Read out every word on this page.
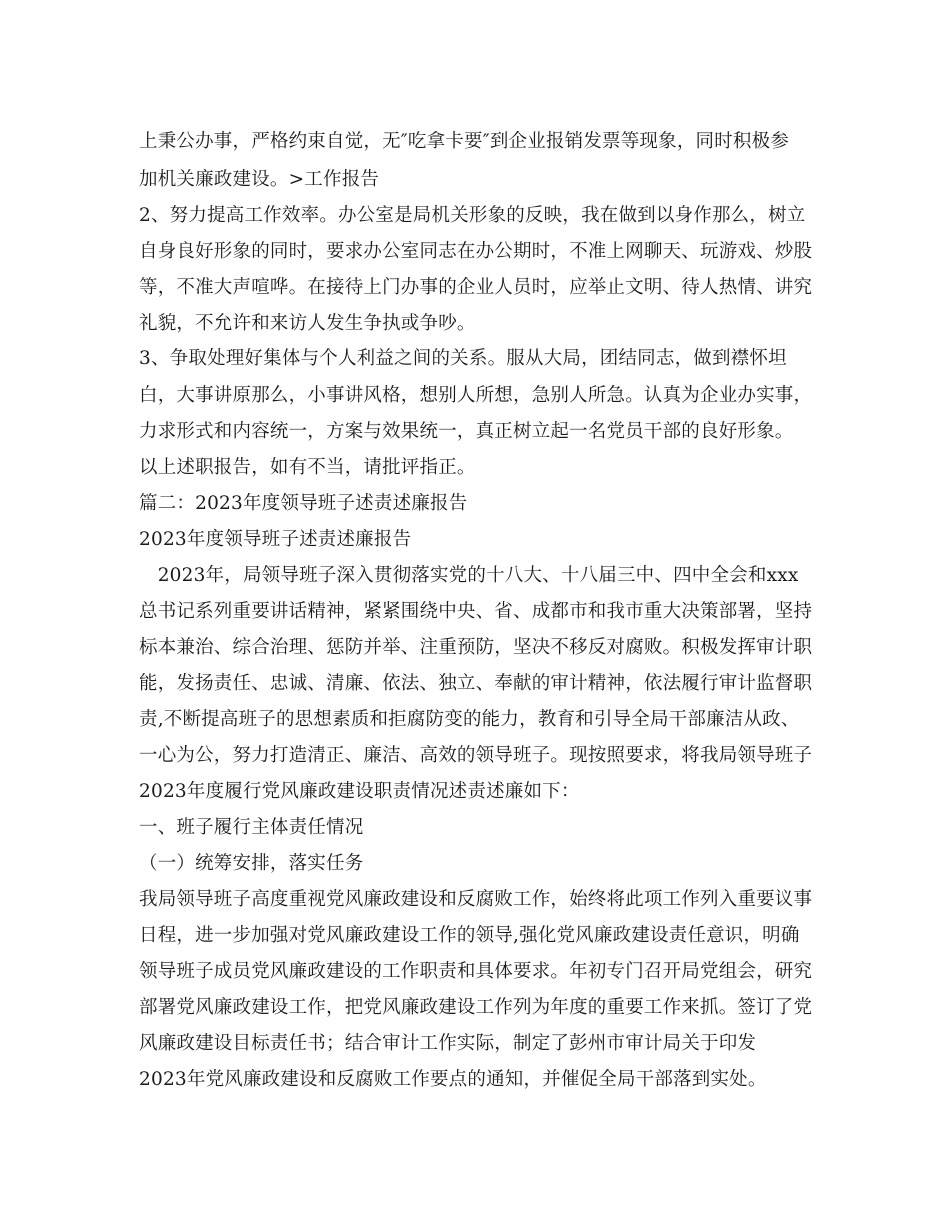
上秉公办事，严格约束自觉，无″吃拿卡要″到企业报销发票等现象，同时积极参
加机关廉政建设。>工作报告
2、努力提高工作效率。办公室是局机关形象的反映，我在做到以身作那么，树立
自身良好形象的同时，要求办公室同志在办公期时，不准上网聊天、玩游戏、炒股
等，不准大声喧哗。在接待上门办事的企业人员时，应举止文明、待人热情、讲究
礼貌，不允许和来访人发生争执或争吵。
3、争取处理好集体与个人利益之间的关系。服从大局，团结同志，做到襟怀坦
白，大事讲原那么，小事讲风格，想别人所想，急别人所急。认真为企业办实事，
力求形式和内容统一，方案与效果统一，真正树立起一名党员干部的良好形象。
以上述职报告，如有不当，请批评指正。
篇二：2023年度领导班子述责述廉报告
2023年度领导班子述责述廉报告
　2023年，局领导班子深入贯彻落实党的十八大、十八届三中、四中全会和xxx
总书记系列重要讲话精神，紧紧围绕中央、省、成都市和我市重大决策部署，坚持
标本兼治、综合治理、惩防并举、注重预防，坚决不移反对腐败。积极发挥审计职
能，发扬责任、忠诚、清廉、依法、独立、奉献的审计精神，依法履行审计监督职
责,不断提高班子的思想素质和拒腐防变的能力，教育和引导全局干部廉洁从政、
一心为公，努力打造清正、廉洁、高效的领导班子。现按照要求，将我局领导班子
2023年度履行党风廉政建设职责情况述责述廉如下：
一、班子履行主体责任情况
（一）统筹安排，落实任务
我局领导班子高度重视党风廉政建设和反腐败工作，始终将此项工作列入重要议事
日程，进一步加强对党风廉政建设工作的领导,强化党风廉政建设责任意识，明确
领导班子成员党风廉政建设的工作职责和具体要求。年初专门召开局党组会，研究
部署党风廉政建设工作，把党风廉政建设工作列为年度的重要工作来抓。签订了党
风廉政建设目标责任书；结合审计工作实际，制定了彭州市审计局关于印发
2023年党风廉政建设和反腐败工作要点的通知，并催促全局干部落到实处。
